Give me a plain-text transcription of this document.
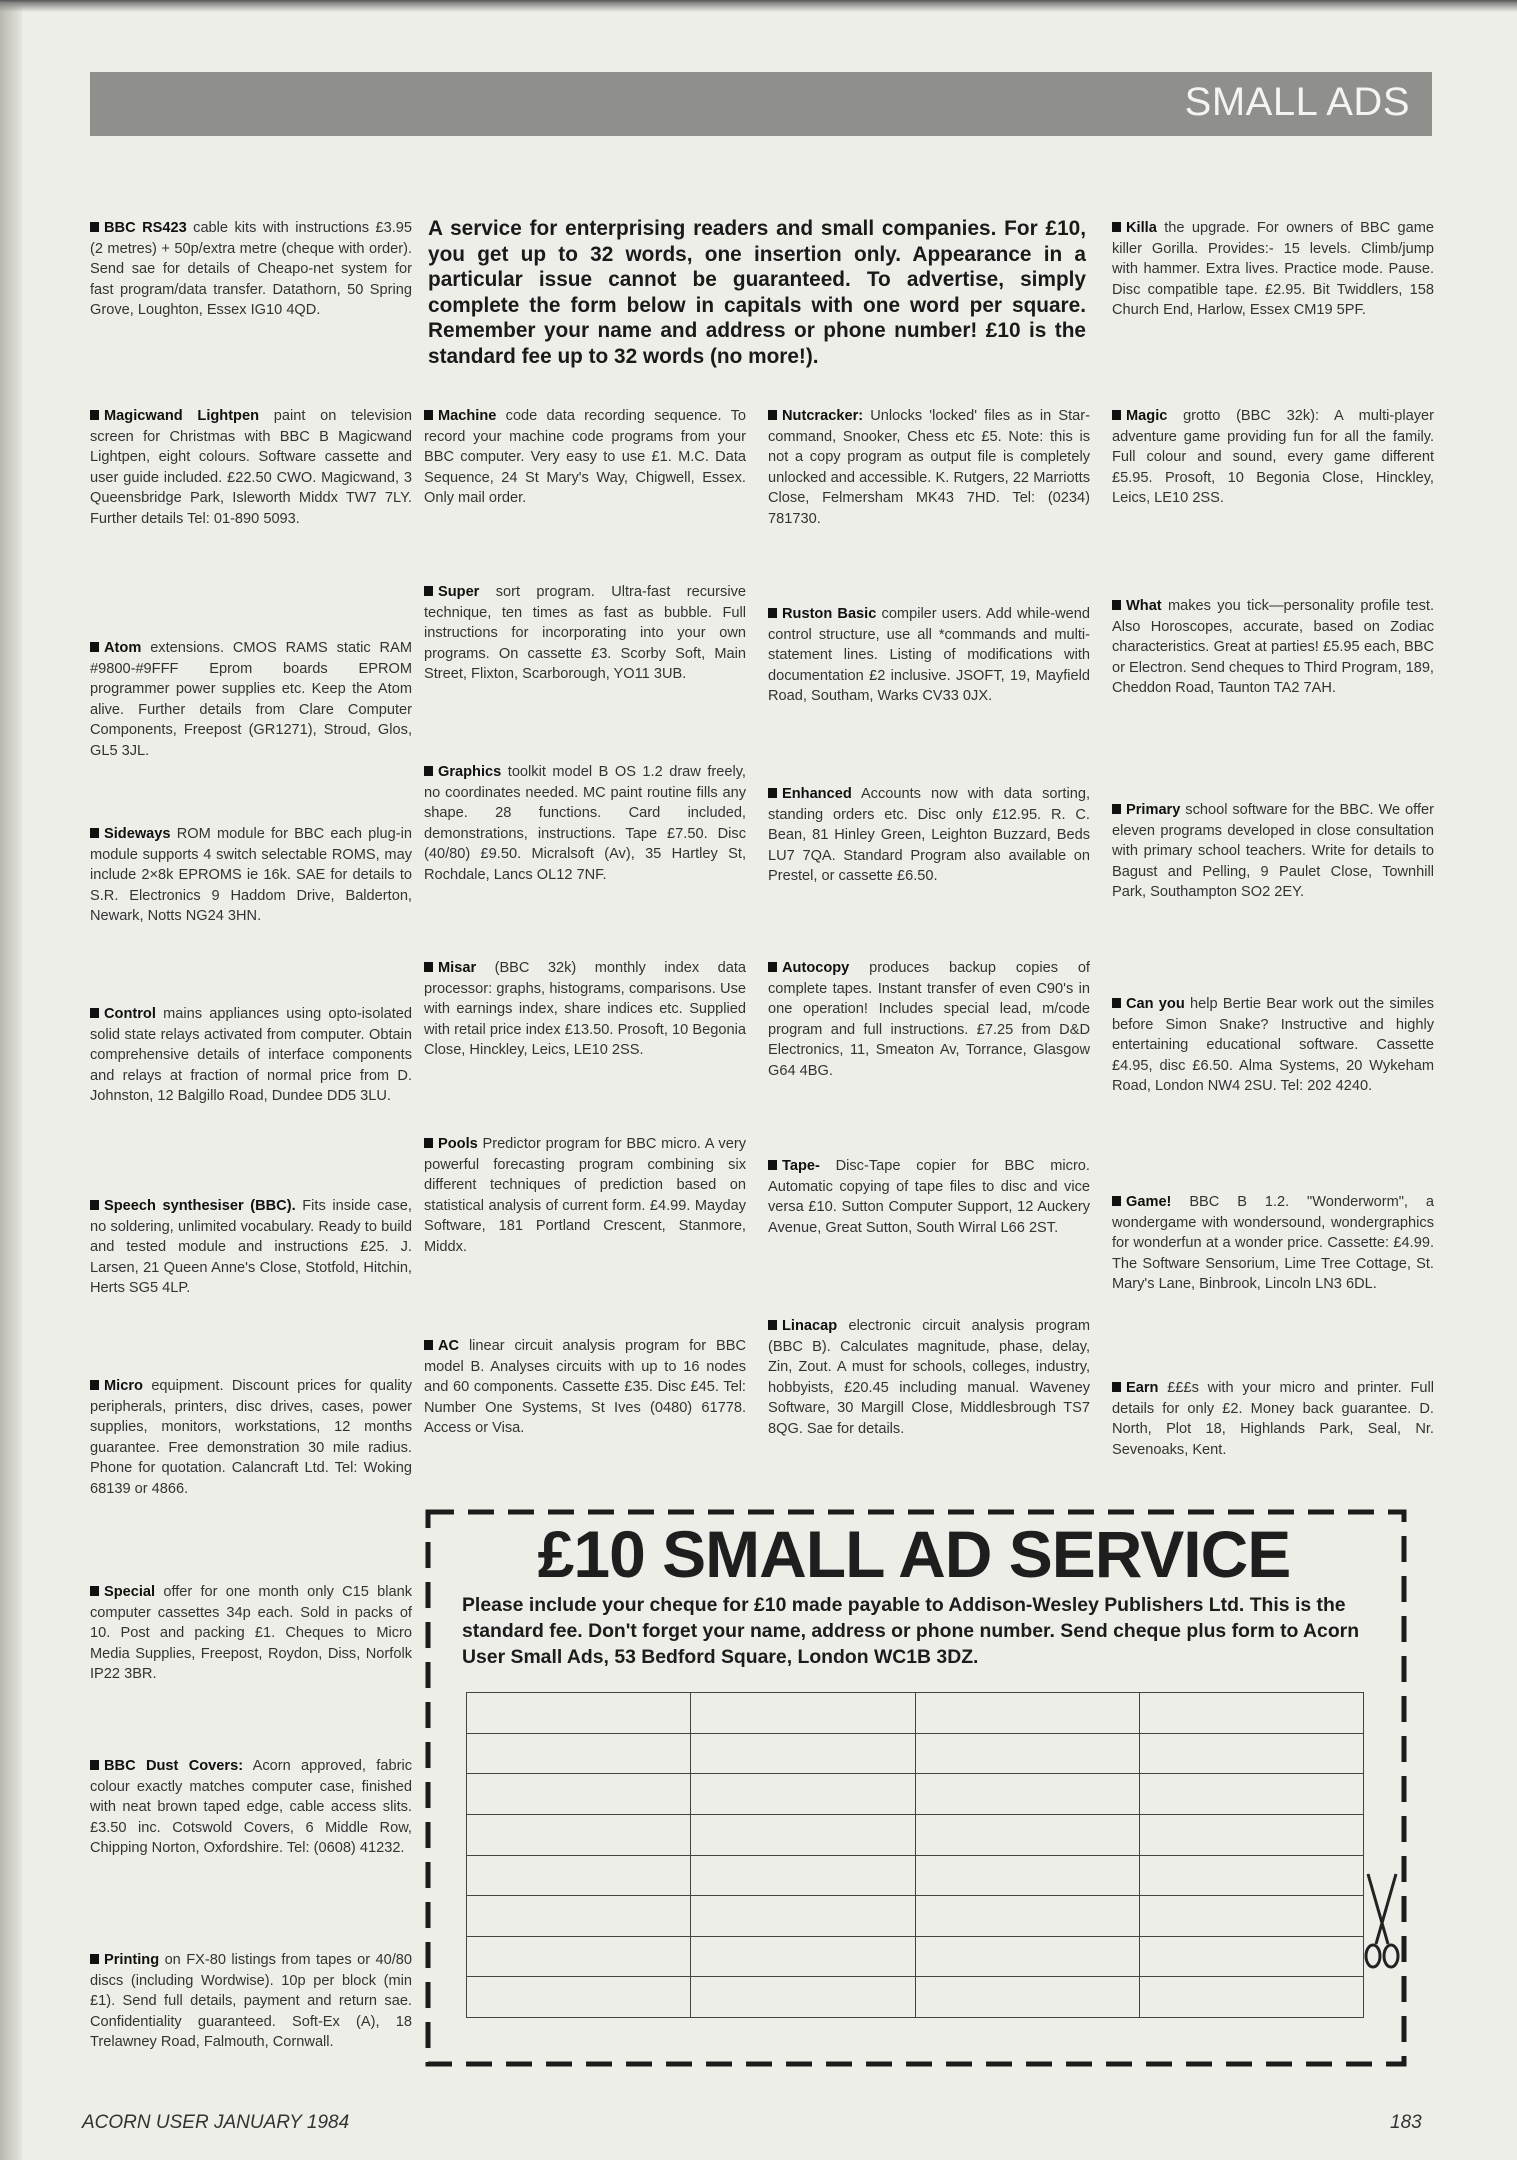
SMALL ADS
A service for enterprising readers and small companies. For £10, you get up to 32 words, one insertion only. Appearance in a particular issue cannot be guaranteed. To advertise, simply complete the form below in capitals with one word per square. Remember your name and address or phone number! £10 is the standard fee up to 32 words (no more!).
BBC RS423 cable kits with instructions £3.95 (2 metres) + 50p/extra metre (cheque with order). Send sae for details of Cheapo-net system for fast program/data transfer. Datathorn, 50 Spring Grove, Loughton, Essex IG10 4QD.
Magicwand Lightpen paint on television screen for Christmas with BBC B Magicwand Lightpen, eight colours. Software cassette and user guide included. £22.50 CWO. Magicwand, 3 Queensbridge Park, Isleworth Middx TW7 7LY. Further details Tel: 01-890 5093.
Atom extensions. CMOS RAMS static RAM #9800-#9FFF Eprom boards EPROM programmer power supplies etc. Keep the Atom alive. Further details from Clare Computer Components, Freepost (GR1271), Stroud, Glos, GL5 3JL.
Sideways ROM module for BBC each plug-in module supports 4 switch selectable ROMS, may include 2×8k EPROMS ie 16k. SAE for details to S.R. Electronics 9 Haddom Drive, Balderton, Newark, Notts NG24 3HN.
Control mains appliances using opto-isolated solid state relays activated from computer. Obtain comprehensive details of interface components and relays at fraction of normal price from D. Johnston, 12 Balgillo Road, Dundee DD5 3LU.
Speech synthesiser (BBC). Fits inside case, no soldering, unlimited vocabulary. Ready to build and tested module and instructions £25. J. Larsen, 21 Queen Anne's Close, Stotfold, Hitchin, Herts SG5 4LP.
Micro equipment. Discount prices for quality peripherals, printers, disc drives, cases, power supplies, monitors, workstations, 12 months guarantee. Free demonstration 30 mile radius. Phone for quotation. Calancraft Ltd. Tel: Woking 68139 or 4866.
Special offer for one month only C15 blank computer cassettes 34p each. Sold in packs of 10. Post and packing £1. Cheques to Micro Media Supplies, Freepost, Roydon, Diss, Norfolk IP22 3BR.
BBC Dust Covers: Acorn approved, fabric colour exactly matches computer case, finished with neat brown taped edge, cable access slits. £3.50 inc. Cotswold Covers, 6 Middle Row, Chipping Norton, Oxfordshire. Tel: (0608) 41232.
Printing on FX-80 listings from tapes or 40/80 discs (including Wordwise). 10p per block (min £1). Send full details, payment and return sae. Confidentiality guaranteed. Soft-Ex (A), 18 Trelawney Road, Falmouth, Cornwall.
Machine code data recording sequence. To record your machine code programs from your BBC computer. Very easy to use £1. M.C. Data Sequence, 24 St Mary's Way, Chigwell, Essex. Only mail order.
Super sort program. Ultra-fast recursive technique, ten times as fast as bubble. Full instructions for incorporating into your own programs. On cassette £3. Scorby Soft, Main Street, Flixton, Scarborough, YO11 3UB.
Graphics toolkit model B OS 1.2 draw freely, no coordinates needed. MC paint routine fills any shape. 28 functions. Card included, demonstrations, instructions. Tape £7.50. Disc (40/80) £9.50. Micralsoft (Av), 35 Hartley St, Rochdale, Lancs OL12 7NF.
Misar (BBC 32k) monthly index data processor: graphs, histograms, comparisons. Use with earnings index, share indices etc. Supplied with retail price index £13.50. Prosoft, 10 Begonia Close, Hinckley, Leics, LE10 2SS.
Pools Predictor program for BBC micro. A very powerful forecasting program combining six different techniques of prediction based on statistical analysis of current form. £4.99. Mayday Software, 181 Portland Crescent, Stanmore, Middx.
AC linear circuit analysis program for BBC model B. Analyses circuits with up to 16 nodes and 60 components. Cassette £35. Disc £45. Tel: Number One Systems, St Ives (0480) 61778. Access or Visa.
Nutcracker: Unlocks 'locked' files as in Star-command, Snooker, Chess etc £5. Note: this is not a copy program as output file is completely unlocked and accessible. K. Rutgers, 22 Marriotts Close, Felmersham MK43 7HD. Tel: (0234) 781730.
Ruston Basic compiler users. Add while-wend control structure, use all *commands and multi-statement lines. Listing of modifications with documentation £2 inclusive. JSOFT, 19, Mayfield Road, Southam, Warks CV33 0JX.
Enhanced Accounts now with data sorting, standing orders etc. Disc only £12.95. R. C. Bean, 81 Hinley Green, Leighton Buzzard, Beds LU7 7QA. Standard Program also available on Prestel, or cassette £6.50.
Autocopy produces backup copies of complete tapes. Instant transfer of even C90's in one operation! Includes special lead, m/code program and full instructions. £7.25 from D&D Electronics, 11, Smeaton Av, Torrance, Glasgow G64 4BG.
Tape- Disc-Tape copier for BBC micro. Automatic copying of tape files to disc and vice versa £10. Sutton Computer Support, 12 Auckery Avenue, Great Sutton, South Wirral L66 2ST.
Linacap electronic circuit analysis program (BBC B). Calculates magnitude, phase, delay, Zin, Zout. A must for schools, colleges, industry, hobbyists, £20.45 including manual. Waveney Software, 30 Margill Close, Middlesbrough TS7 8QG. Sae for details.
Killa the upgrade. For owners of BBC game killer Gorilla. Provides:- 15 levels. Climb/jump with hammer. Extra lives. Practice mode. Pause. Disc compatible tape. £2.95. Bit Twiddlers, 158 Church End, Harlow, Essex CM19 5PF.
Magic grotto (BBC 32k): A multi-player adventure game providing fun for all the family. Full colour and sound, every game different £5.95. Prosoft, 10 Begonia Close, Hinckley, Leics, LE10 2SS.
What makes you tick—personality profile test. Also Horoscopes, accurate, based on Zodiac characteristics. Great at parties! £5.95 each, BBC or Electron. Send cheques to Third Program, 189, Cheddon Road, Taunton TA2 7AH.
Primary school software for the BBC. We offer eleven programs developed in close consultation with primary school teachers. Write for details to Bagust and Pelling, 9 Paulet Close, Townhill Park, Southampton SO2 2EY.
Can you help Bertie Bear work out the similes before Simon Snake? Instructive and highly entertaining educational software. Cassette £4.95, disc £6.50. Alma Systems, 20 Wykeham Road, London NW4 2SU. Tel: 202 4240.
Game! BBC B 1.2. "Wonderworm", a wondergame with wondersound, wondergraphics for wonderfun at a wonder price. Cassette: £4.99. The Software Sensorium, Lime Tree Cottage, St. Mary's Lane, Binbrook, Lincoln LN3 6DL.
Earn £££s with your micro and printer. Full details for only £2. Money back guarantee. D. North, Plot 18, Highlands Park, Seal, Nr. Sevenoaks, Kent.
£10 SMALL AD SERVICE
Please include your cheque for £10 made payable to Addison-Wesley Publishers Ltd. This is the standard fee. Don't forget your name, address or phone number. Send cheque plus form to Acorn User Small Ads, 53 Bedford Square, London WC1B 3DZ.

ACORN USER JANUARY 1984	183
